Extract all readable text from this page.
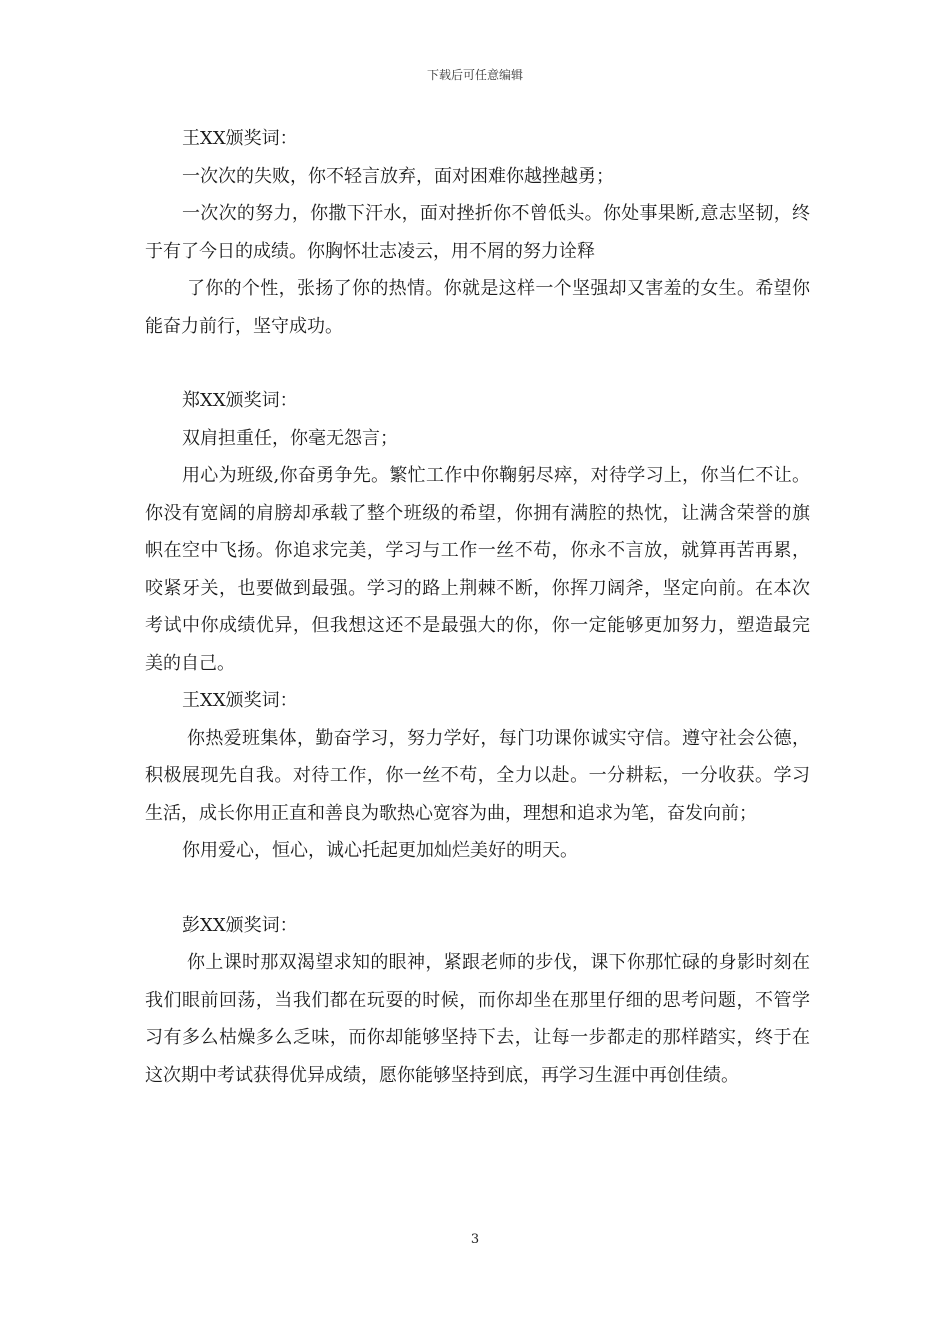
下载后可任意编辑

王XX颁奖词：

一次次的失败，你不轻言放弃，面对困难你越挫越勇；

一次次的努力，你撒下汗水，面对挫折你不曾低头。你处事果断,意志坚韧，终于有了今日的成绩。你胸怀壮志凌云，用不屑的努力诠释

了你的个性，张扬了你的热情。你就是这样一个坚强却又害羞的女生。希望你能奋力前行，坚守成功。

郑XX颁奖词：

双肩担重任，你毫无怨言；

用心为班级,你奋勇争先。繁忙工作中你鞠躬尽瘁，对待学习上，你当仁不让。你没有宽阔的肩膀却承载了整个班级的希望，你拥有满腔的热忱，让满含荣誉的旗帜在空中飞扬。你追求完美，学习与工作一丝不苟，你永不言放，就算再苦再累，咬紧牙关，也要做到最强。学习的路上荆棘不断，你挥刀阔斧，坚定向前。在本次考试中你成绩优异，但我想这还不是最强大的你，你一定能够更加努力，塑造最完美的自己。

王XX颁奖词：

你热爱班集体，勤奋学习，努力学好，每门功课你诚实守信。遵守社会公德，积极展现先自我。对待工作，你一丝不苟，全力以赴。一分耕耘，一分收获。学习生活，成长你用正直和善良为歌热心宽容为曲，理想和追求为笔，奋发向前；

你用爱心，恒心，诚心托起更加灿烂美好的明天。

彭XX颁奖词：

你上课时那双渴望求知的眼神，紧跟老师的步伐，课下你那忙碌的身影时刻在我们眼前回荡，当我们都在玩耍的时候，而你却坐在那里仔细的思考问题，不管学习有多么枯燥多么乏味，而你却能够坚持下去，让每一步都走的那样踏实，终于在这次期中考试获得优异成绩，愿你能够坚持到底，再学习生涯中再创佳绩。

3
